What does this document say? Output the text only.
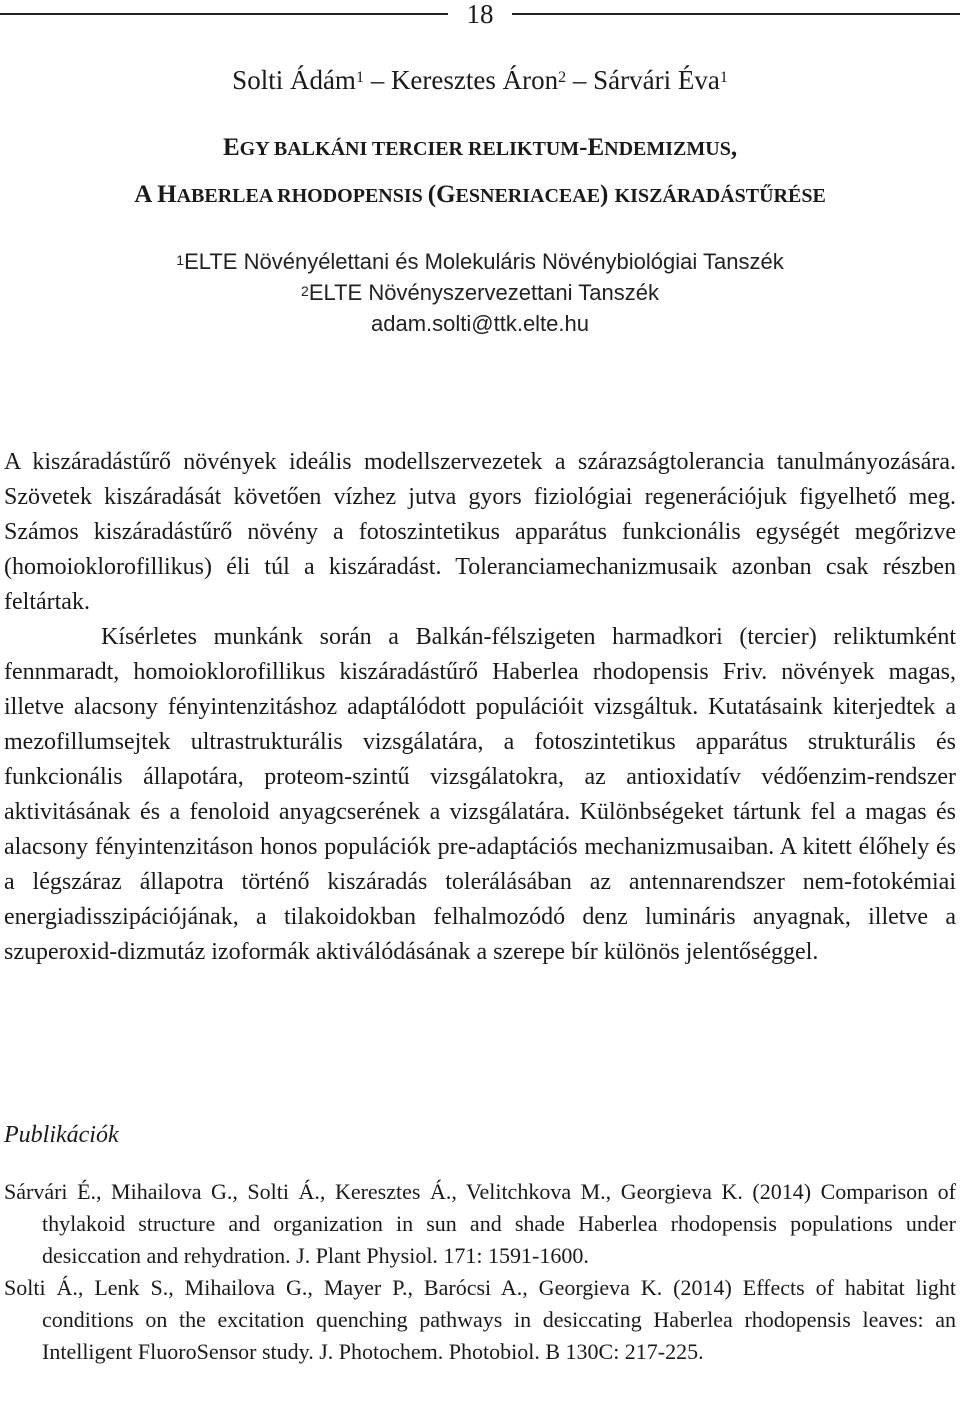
18
Solti Ádám$^1$ – Keresztes Áron$^2$ – Sárvári Éva$^1$
EGY BALKÁNI TERCIER RELIKTUM-ENDEMIZMUS,
A HABERLEA RHODOPENSIS (GESNERIACEAE) KISZÁRADÁSTŰRÉSE
$^1$ELTE Növényélettani és Molekuláris Növénybiológiai Tanszék
$^2$ELTE Növényszervezettani Tanszék
adam.solti@ttk.elte.hu

A kiszáradástűrő növények ideális modellszervezetek a szárazságtolerancia tanulmányozására. Szövetek kiszáradását követően vízhez jutva gyors fiziológiai regenerációjuk figyelhető meg. Számos kiszáradástűrő növény a fotoszintetikus apparátus funkcionális egységét megőrizve (homoioklorofillikus) éli túl a kiszáradást. Toleranciamechanizmusaik azonban csak részben feltártak.

Kísérletes munkánk során a Balkán-félszigeten harmadkori (tercier) reliktumként fennmaradt, homoioklorofillikus kiszáradástűrő Haberlea rhodopensis Friv. növények magas, illetve alacsony fényintenzitáshoz adaptálódott populációit vizsgáltuk. Kutatásaink kiterjedtek a mezofillumsejtek ultrastrukturális vizsgálatára, a fotoszintetikus apparátus strukturális és funkcionális állapotára, proteom-szintű vizsgálatokra, az antioxidatív védőenzim-rendszer aktivitásának és a fenoloid anyagcserének a vizsgálatára. Különbségeket tártunk fel a magas és alacsony fényintenzitáson honos populációk pre-adaptációs mechanizmusaiban. A kitett élőhely és a légszáraz állapotra történő kiszáradás tolerálásában az antennarendszer nem-fotokémiai energiadisszipációjának, a tilakoidokban felhalmozódó denz lumináris anyagnak, illetve a szuperoxid-dizmutáz izoformák aktiválódásának a szerepe bír különös jelentőséggel.

Publikációk

Sárvári É., Mihailova G., Solti Á., Keresztes Á., Velitchkova M., Georgieva K. (2014) Comparison of thylakoid structure and organization in sun and shade Haberlea rhodopensis populations under desiccation and rehydration. J. Plant Physiol. 171: 1591-1600.

Solti Á., Lenk S., Mihailova G., Mayer P., Barócsi A., Georgieva K. (2014) Effects of habitat light conditions on the excitation quenching pathways in desiccating Haberlea rhodopensis leaves: an Intelligent FluoroSensor study. J. Photochem. Photobiol. B 130C: 217-225.
